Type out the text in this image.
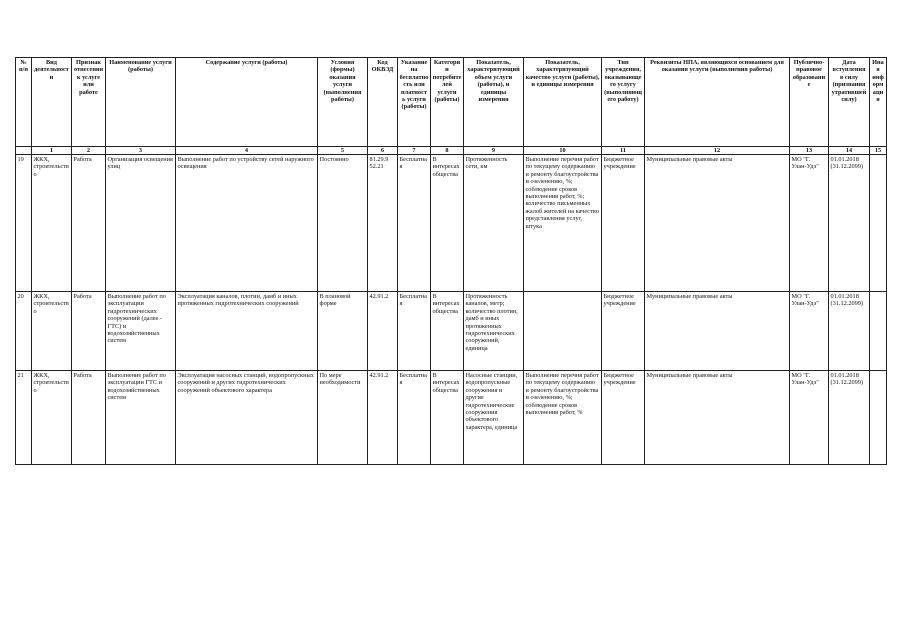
№ п/п	Вид деятельности	Признак отнесения к услуге или работе	Наименование услуги (работы)	Содержание услуги (работы)	Условия (формы) оказания услуги (выполнения работы)	Код ОКВЭД	Указание на бесплатность или платность услуги (работы)	Категории потребителей услуги (работы)	Показатель, характеризующий объем услуги (работы), и единицы измерения	Показатель, характеризующий качество услуги (работы), и единицы измерения	Тип учреждения, оказывающего услугу (выполняющего работу)	Реквизиты НПА, являющихся основанием для оказания услуги (выполнения работы)	Публично-правовое образование	Дата вступления в силу (признания утратившей силу)	Иная информация
	1	2	3	4	5	6	7	8	9	10	11	12	13	14	15
19	ЖКХ, строительство	Работа	Организация освещения улиц	Выполнение работ по устройству сетей наружного освещения	Постоянно	81.29.9 52.21	Бесплатная	В интересах общества	Протяженность сети, км	Выполнение перечня работ по текущему содержанию и ремонту благоустройства и озеленению, %; соблюдение сроков выполнения работ, %; количество письменных жалоб жителей на качество представления услуг, штука	Бюджетное учреждение	Муниципальные правовые акты	МО "Г. Улан-Удэ"	01.01.2018 (31.12.2099)	
20	ЖКХ, строительство	Работа	Выполнение работ по эксплуатации гидротехнических сооружений (далее - ГТС) и водохозяйственных систем	Эксплуатация каналов, плотин, дамб и иных протяженных гидротехнических сооружений	В плановой форме	42.91.2	Бесплатная	В интересах общества	Протяженность каналов, метр; количество плотин, дамб и иных протяженных гидротехнических сооружений, единица		Бюджетное учреждение	Муниципальные правовые акты	МО "Г. Улан-Удэ"	01.01.2018 (31.12.2099)	
21	ЖКХ, строительство	Работа	Выполнение работ по эксплуатации ГТС и водохозяйственных систем	Эксплуатация насосных станций, водопропускных сооружений и других гидротехнических сооружений объектового характера	По мере необходимости	42.91.2	Бесплатная	В интересах общества	Насосные станции, водопропускные сооружения и другие гидротехнические сооружения объектового характера, единица	Выполнение перечня работ по текущему содержанию и ремонту благоустройства и озеленению, %; соблюдение сроков выполнения работ, %	Бюджетное учреждение	Муниципальные правовые акты	МО "Г. Улан-Удэ"	01.01.2018 (31.12.2099)	
